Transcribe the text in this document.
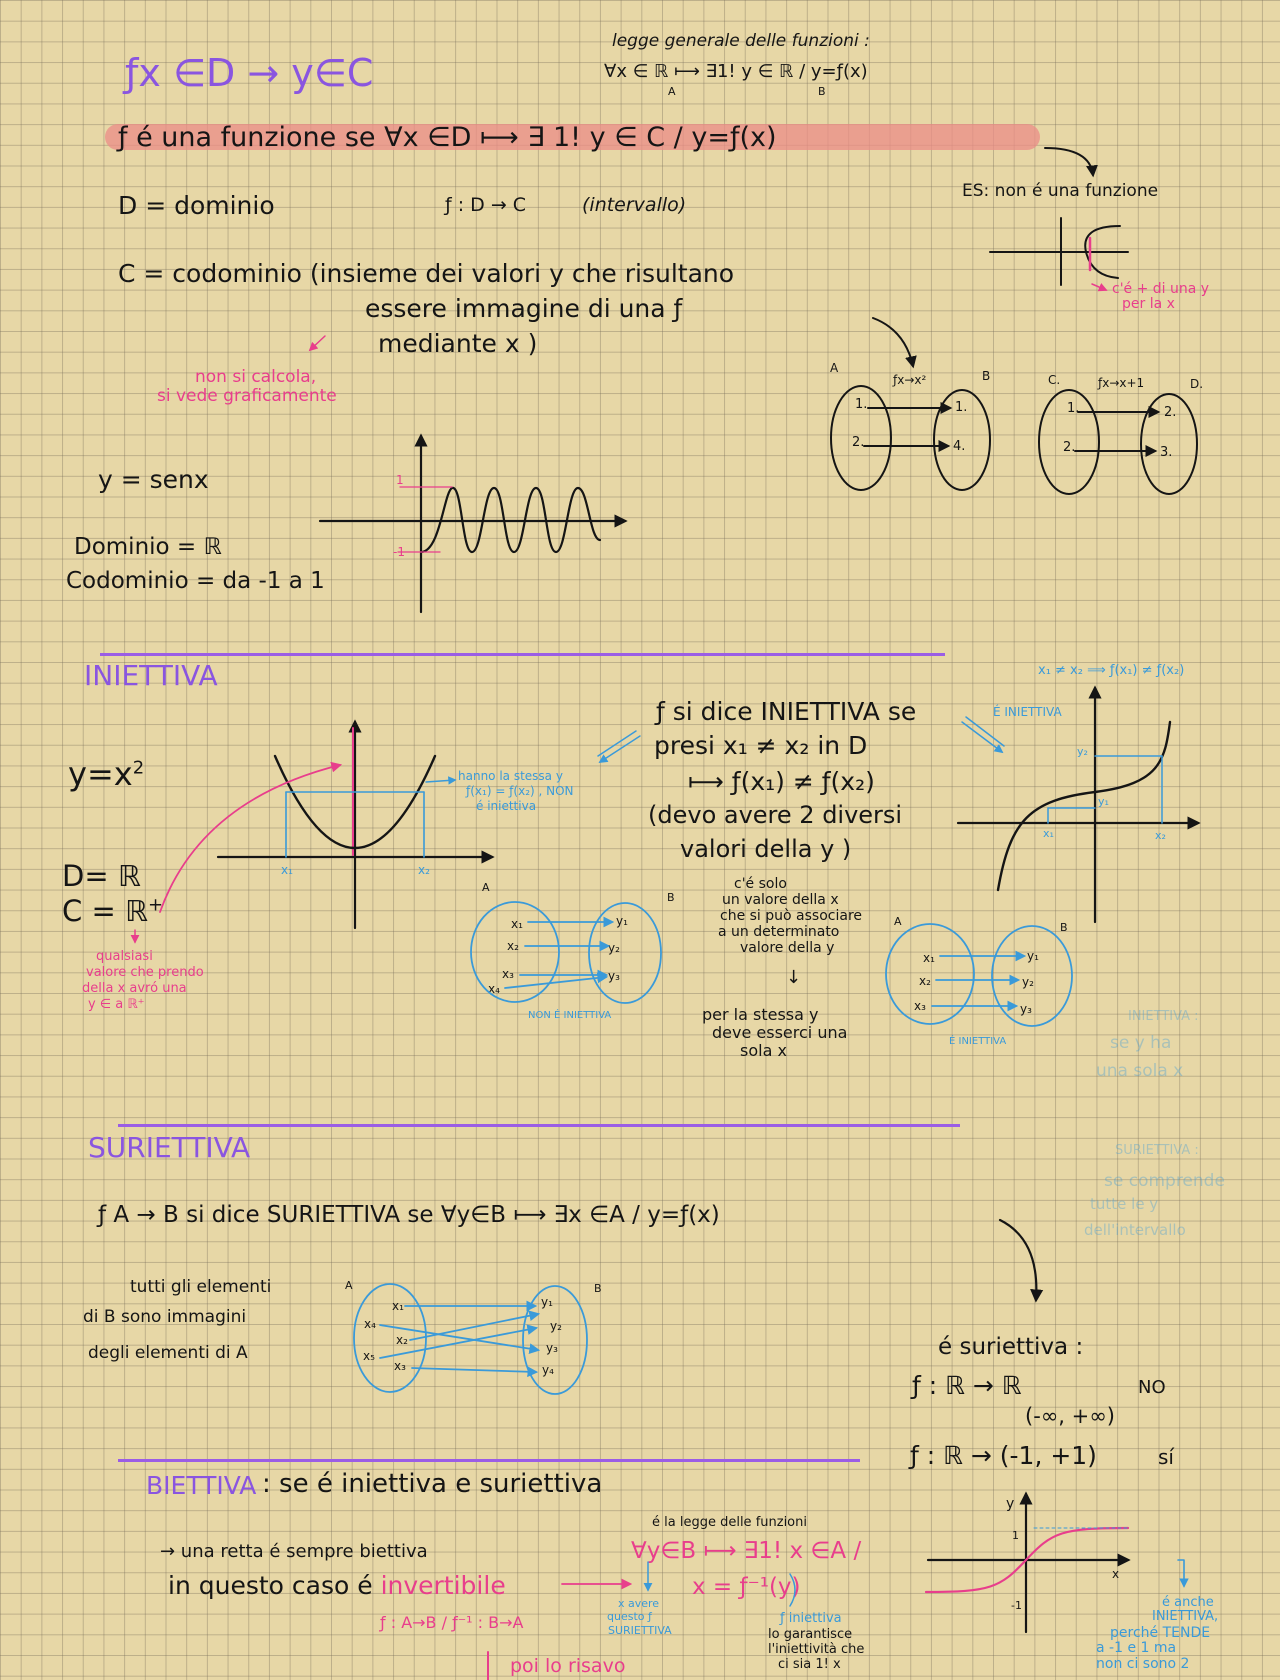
ƒx ∈D → y∈C
legge generale delle funzioni :
∀x ∈ ℝ ⟼ ∃1! y ∈ ℝ / y=ƒ(x)
A	B
ƒ é una funzione se ∀x ∈D ⟼ ∃ 1! y ∈ C / y=ƒ(x)
D = dominio	ƒ : D → C	(intervallo)
C = codominio (insieme dei valori y che risultano
essere immagine di una ƒ
mediante x )
non si calcola,
si vede graficamente
ES: non é una funzione
c'é + di una y
per la x
A
B
ƒx→x²
1.
2.
1.
4.
C.	D.
ƒx→x+1
1.
2.
2.
3.
y = senx
Dominio = ℝ
Codominio = da -1 a 1
1
-1
INIETTIVA
$y=x^2$
D= ℝ
C = ℝ+
qualsiasi
valore che prendo
della x avró una
y ∈ a ℝ⁺
hanno la stessa y
ƒ(x₁) = ƒ(x₂) , NON
é iniettiva
x₁	x₂
ƒ si dice INIETTIVA se
presi x₁ ≠ x₂ in D
⟼ ƒ(x₁) ≠ ƒ(x₂)
(devo avere 2 diversi
valori della y )
c'é solo
un valore della x
che si può associare
a un determinato
valore della y
↓
per la stessa y
deve esserci una
sola x
x₁ ≠ x₂ ⟹ ƒ(x₁) ≠ ƒ(x₂)
É INIETTIVA
y₂
y₁
x₁	x₂
A
B
x₁
x₂
x₃
x₄
y₁
y₂
y₃
NON É INIETTIVA
A	B
x₁
x₂
x₃
y₁
y₂
y₃
É INIETTIVA
INIETTIVA :
se y ha
una sola x
SURIETTIVA
ƒ A → B si dice SURIETTIVA se ∀y∈B ⟼ ∃x ∈A / y=ƒ(x)
tutti gli elementi
di B sono immagini
degli elementi di A
A	B
x₁
x₄
x₂
x₅
x₃
y₁
y₂
y₃
y₄
SURIETTIVA :
se comprende
tutte le y
dell'intervallo
é suriettiva :
ƒ : ℝ → ℝ	NO
(-∞, +∞)
ƒ : ℝ → (-1, +1)	sí
y
x
1
-1
BIETTIVA : se é iniettiva e suriettiva
→ una retta é sempre biettiva
in questo caso é invertibile
ƒ : A→B / ƒ⁻¹ : B→A
é la legge delle funzioni
∀y∈B ⟼ ∃1! x ∈A /
x = ƒ⁻¹(y)
x avere
questo ƒ
SURIETTIVA
ƒ iniettiva
lo garantisce
l'iniettività che
ci sia 1! x
poi lo risavo
é anche
INIETTIVA,
perché TENDE
a -1 e 1 ma
non ci sono 2
